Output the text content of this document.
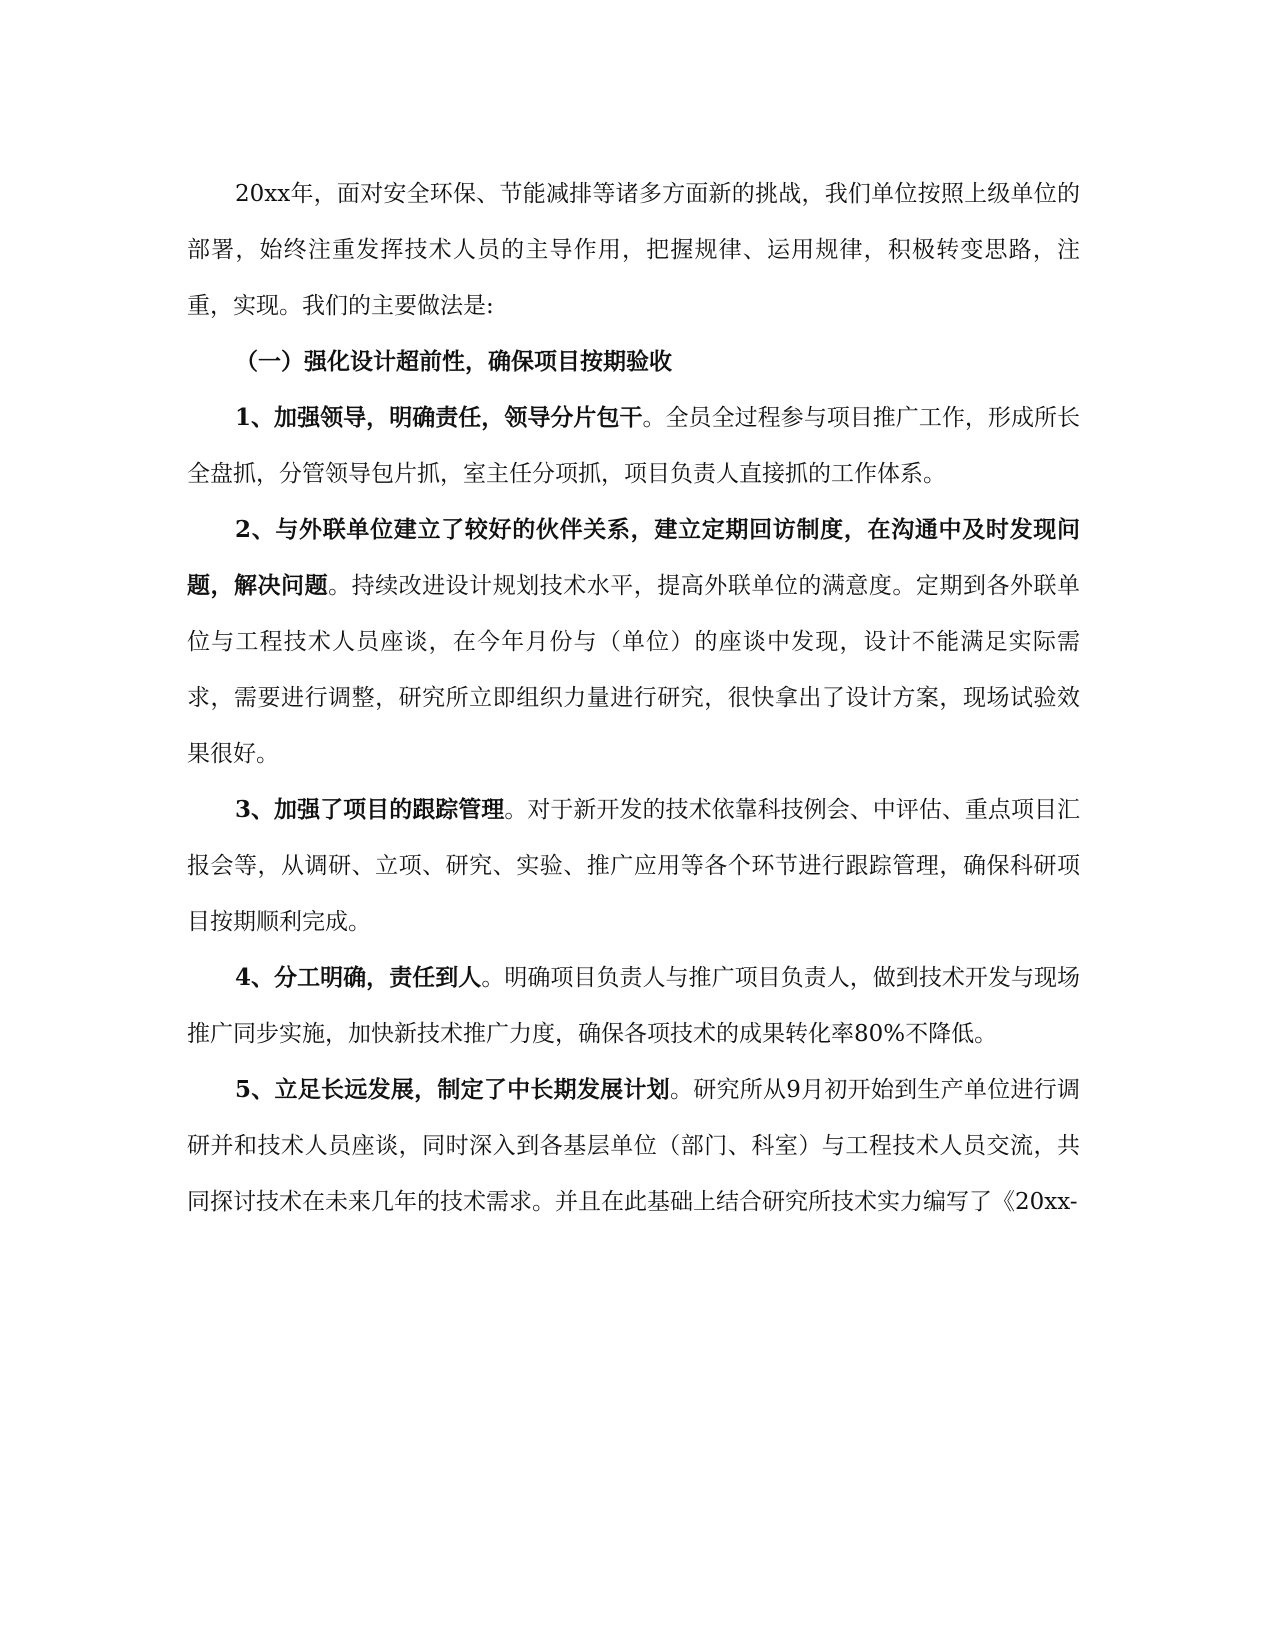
20xx年，面对安全环保、节能减排等诸多方面新的挑战，我们单位按照上级单位的部署，始终注重发挥技术人员的主导作用，把握规律、运用规律，积极转变思路，注重，实现。我们的主要做法是:

（一）强化设计超前性，确保项目按期验收

1、加强领导，明确责任，领导分片包干。全员全过程参与项目推广工作，形成所长全盘抓，分管领导包片抓，室主任分项抓，项目负责人直接抓的工作体系。

2、与外联单位建立了较好的伙伴关系，建立定期回访制度，在沟通中及时发现问题，解决问题。持续改进设计规划技术水平，提高外联单位的满意度。定期到各外联单位与工程技术人员座谈，在今年月份与（单位）的座谈中发现，设计不能满足实际需求，需要进行调整，研究所立即组织力量进行研究，很快拿出了设计方案，现场试验效果很好。

3、加强了项目的跟踪管理。对于新开发的技术依靠科技例会、中评估、重点项目汇报会等，从调研、立项、研究、实验、推广应用等各个环节进行跟踪管理，确保科研项目按期顺利完成。

4、分工明确，责任到人。明确项目负责人与推广项目负责人，做到技术开发与现场推广同步实施，加快新技术推广力度，确保各项技术的成果转化率80%不降低。

5、立足长远发展，制定了中长期发展计划。研究所从9月初开始到生产单位进行调研并和技术人员座谈，同时深入到各基层单位（部门、科室）与工程技术人员交流，共同探讨技术在未来几年的技术需求。并且在此基础上结合研究所技术实力编写了《20xx-
